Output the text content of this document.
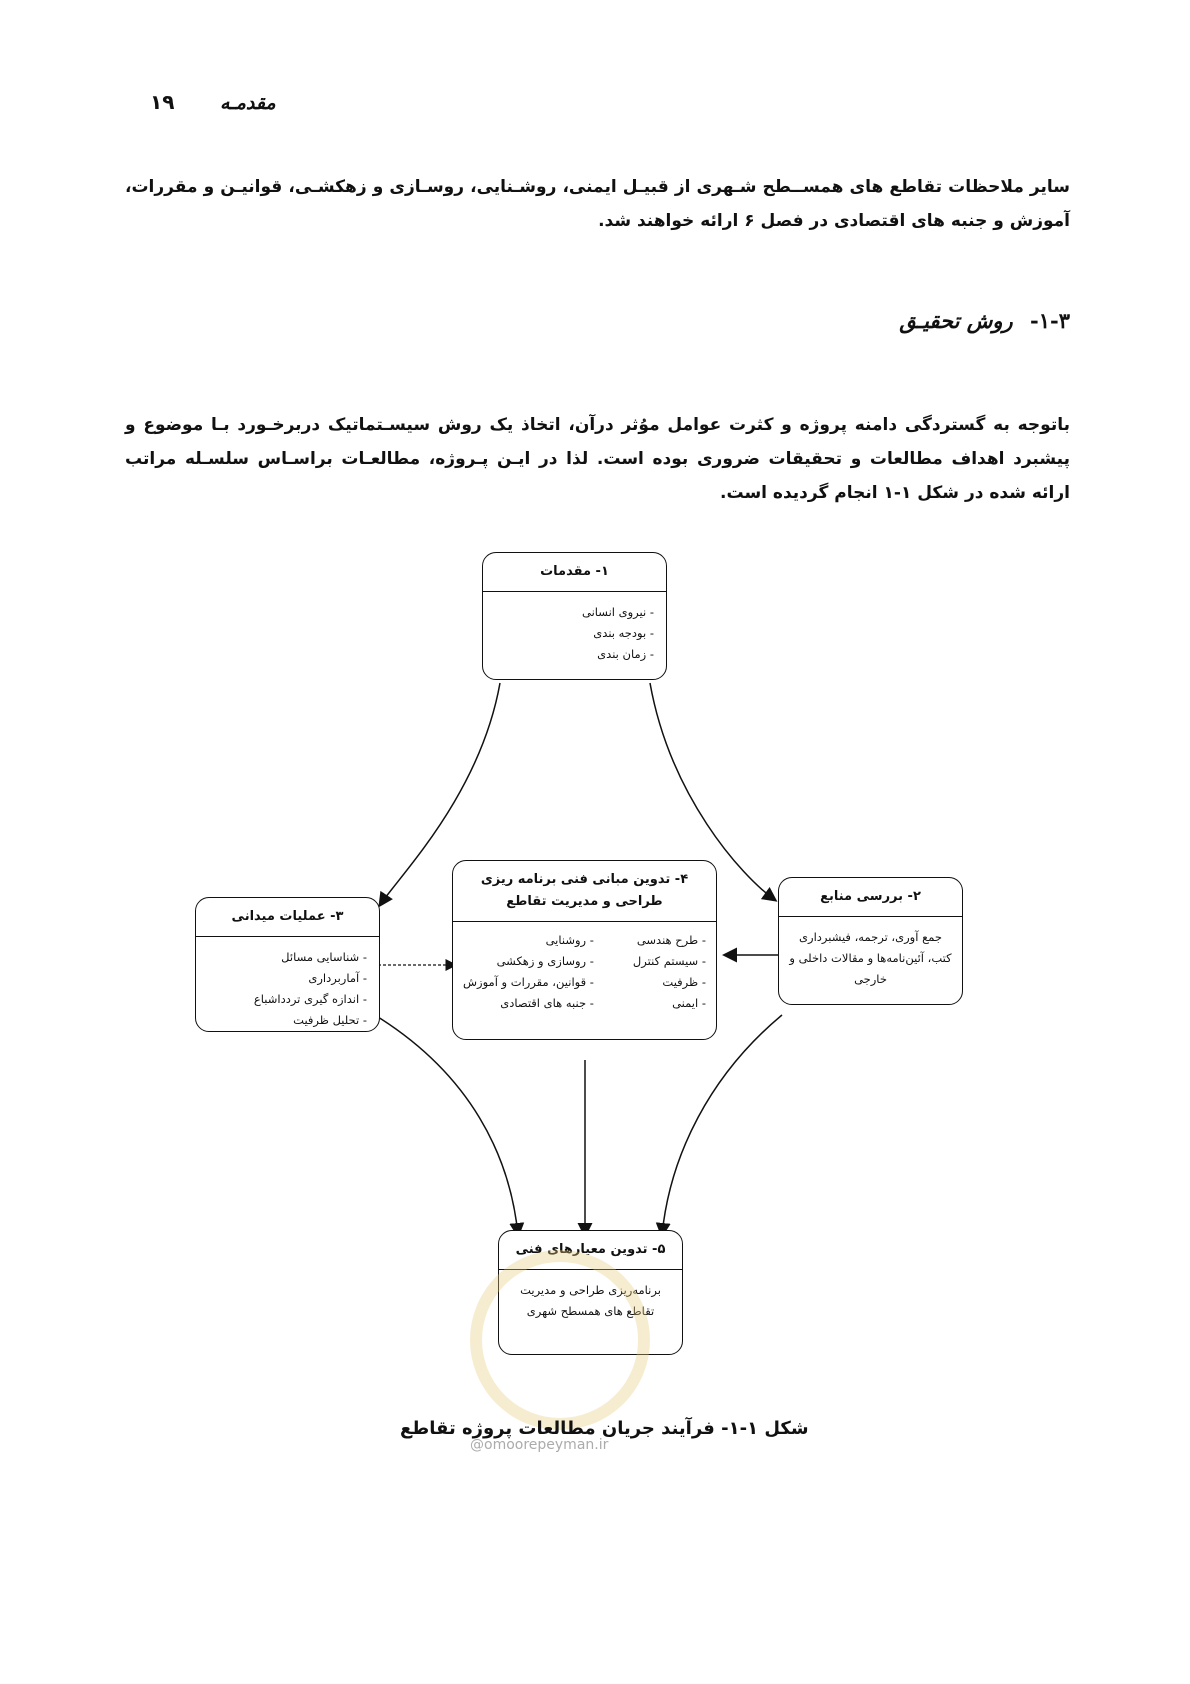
مقدمـه
۱۹
سایر ملاحظات تقاطع های همســطح شـهری از قبیـل ایمنی، روشـنایی، روسـازی و زهکشـی، قوانیـن و مقررات، آموزش و جنبه های اقتصادی در فصل ۶ ارائه خواهند شد.
۱-۳- روش تحقیـق
باتوجه به گستردگی دامنه پروژه و کثرت عوامل موُثر درآن، اتخاذ یک روش سیسـتماتیک دربرخـورد بـا موضوع و پیشبرد اهداف مطالعات و تحقیقات ضروری بوده است. لذا در ایـن پـروژه، مطالعـات براسـاس سلسـله مراتب ارائه شده در شکل ۱-۱ انجام گردیده است.
۱- مقدمات
- نیروی انسانی
- بودجه بندی
- زمان بندی
۲- بررسی منابع
جمع آوری، ترجمه، فیشبرداری کتب، آئین‌نامه‌ها و مقالات داخلی و خارجی
۳- عملیات میدانی
- شناسایی مسائل
- آماربرداری
- اندازه گیری تردداشباع
- تحلیل ظرفیت
۴- تدوین مبانی فنی برنامه ریزی طراحی و مدیریت تقاطع
- طرح هندسی
- سیستم کنترل
- ظرفیت
- ایمنی
- روشنایی
- روسازی و زهکشی
- قوانین، مقررات و آموزش
- جنبه های اقتصادی
۵- تدوین معیارهای فنی
برنامه‌ریزی طراحی و مدیریت تقاطع های همسطح شهری
شکل ۱-۱- فرآیند جریان مطالعات پروژه تقاطع
@omoorepeyman.ir
